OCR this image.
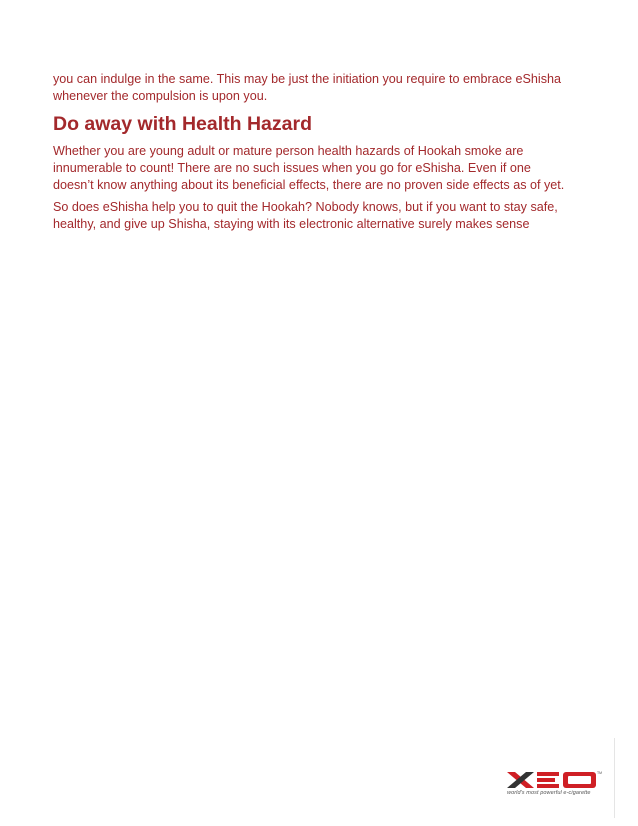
you can indulge in the same. This may be just the initiation you require to embrace eShisha whenever the compulsion is upon you.

Do away with Health Hazard

Whether you are young adult or mature person health hazards of Hookah smoke are innumerable to count! There are no such issues when you go for eShisha. Even if one doesn’t know anything about its beneficial effects, there are no proven side effects as of yet.

So does eShisha help you to quit the Hookah? Nobody knows, but if you want to stay safe, healthy, and give up Shisha, staying with its electronic alternative surely makes sense

TM
world's most powerful e-cigarette
